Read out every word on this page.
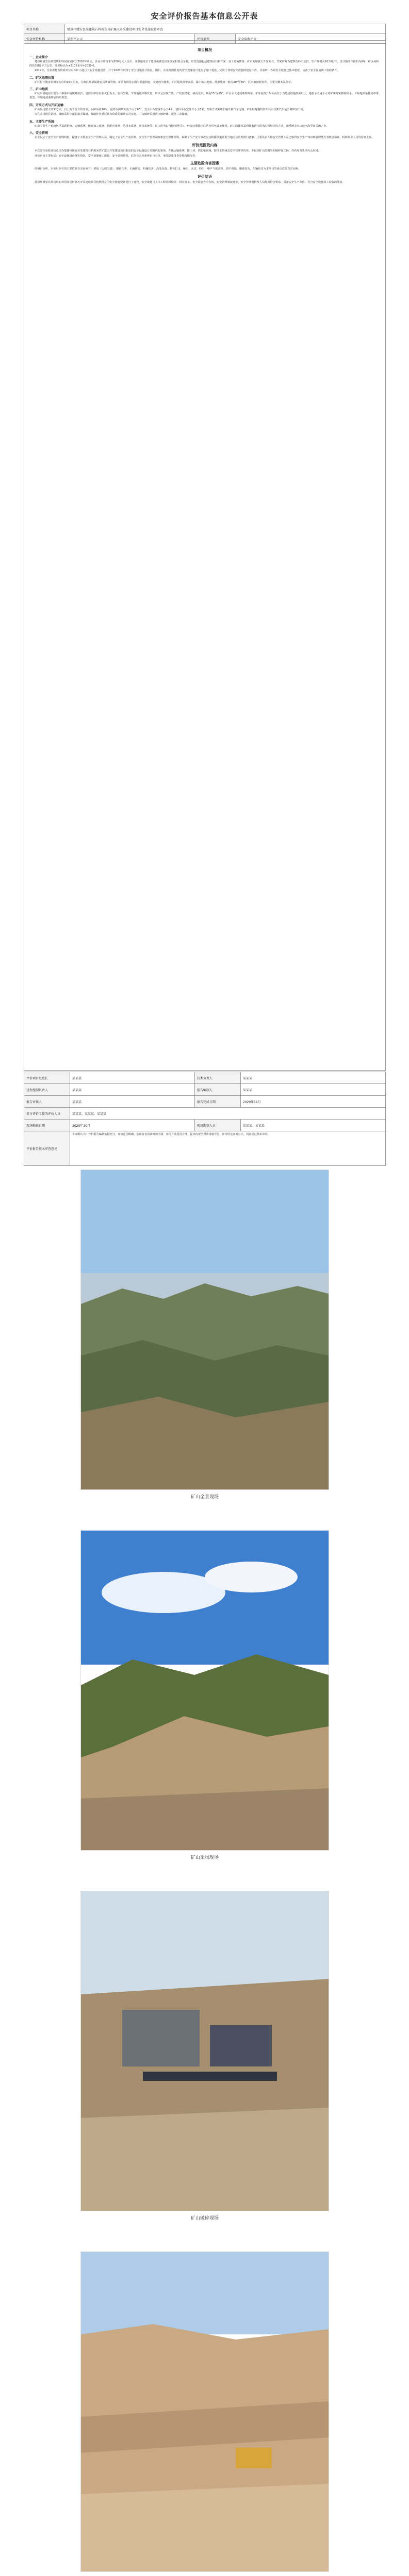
安全评价报告基本信息公开表
项目名称	楚雄州姚安县某建筑石料用灰岩矿露天开采建设项目安全设施设计审查		
安全评价机构	某安评公司	评价类型	安全验收评价
项目概况
一、企业简介

楚雄州姚安县某建筑石料用灰岩矿于2010年成立，企业注册资本为200万元人民币，注册地址位于楚雄州姚安县某镇某村委会某村，经营范围包括建筑用石料开采、加工及销售等。矿山采用露天开采方式，开采矿种为建筑石料用灰岩，生产规模为10万吨/年，设计服务年限约为8年。矿区面积约0.0582平方公里，开采标高为+2105米至+2030米。

2019年，企业委托有资质单位对本矿山进行了安全设施设计，并于2020年取得了安全设施设计批复。随后，企业按照批复的安全设施设计进行了施工建设，完成了各项安全设施的建设工作。目前矿山各项安全设施已基本建成，具备了安全设施竣工验收条件。

二、矿区地理位置

矿区位于姚安县城某方位约15公里处，行政区划隶属姚安县某镇管辖。矿区有简易公路与县道相连，交通较为便利。矿区地处滇中高原，属中低山地貌，地形坡度一般为20°至35°，区内植被较发育，主要为灌木及杂草。

三、矿山地质

矿区出露地层主要为三叠系中统碳酸盐岩，岩性以中厚层状灰岩为主，岩石坚硬，节理裂隙中等发育。矿体呈层状产出，产状较稳定，倾向北东，倾角15°至25°。矿区水文地质条件简单，矿床最低开采标高位于当地侵蚀基准面以上，地表水及地下水对矿床开采影响较小。工程地质条件属中等类型，环境地质条件属简单类型。

四、开采方式与开拓运输

矿山采用露天开采方式，自上而下分台阶开采，台阶高度10米，最终台阶坡面角不大于65°，安全平台宽度不小于4米，清扫平台宽度不小于6米。开拓方式采用公路开拓汽车运输，矿石经挖掘机装车后由自卸汽车运至破碎加工场。

穿孔采用潜孔钻机，爆破采用中深孔微差爆破，爆破作业委托具有资质的爆破公司实施。二次破碎采用液压破碎锤，避免二次爆破。

五、主要生产系统

矿山主要生产系统包括采剥系统、运输系统、破碎加工系统、供配电系统、防排水系统、通讯系统等。矿山供电由当地电网引入，经变压器降压后供各用电设备使用。矿山防排水采用截水沟与排水沟相结合的方式，雨季地表水由截水沟导出采场之外。

六、安全管理

企业设立了安全生产管理机构，配备了专职安全生产管理人员，制定了安全生产责任制、安全生产管理制度和安全操作规程，编制了生产安全事故应急救援预案并报当地应急管理部门备案。主要负责人和安全管理人员已取得安全生产知识和管理能力考核合格证，特种作业人员均持证上岗。

评价范围及内容

本次安全验收评价范围为楚雄州姚安县某建筑石料用灰岩矿露天开采建设项目批复的安全设施设计范围内的采场、开拓运输系统、排土场、供配电系统、防排水系统及安全管理等内容。不包括矿山范围外的破碎加工场、炸药库及生活办公区域。

评价内容主要包括：安全设施设计落实情况、安全设施施工质量、安全管理情况、危险有害因素辨识与分析、事故隐患排查及整改情况等。

主要危险有害因素

经辨识分析，本项目存在的主要危险有害因素有：坍塌（边坡失稳）、爆破伤害、车辆伤害、机械伤害、高处坠落、物体打击、触电、火灾、粉尘、噪声与振动等。其中坍塌、爆破伤害、车辆伤害为本项目的重点危险有害因素。

评价结论

楚雄州姚安县某建筑石料用灰岩矿露天开采建设项目按照批复的安全设施设计进行了建设，安全设施与主体工程同时设计、同时施工，安全设施齐全有效，安全管理制度健全，安全管理机构及人员配备符合要求，具备安全生产条件，符合安全设施竣工验收的要求。

评价项目组组长	某某某	技术负责人	某某某
过程控制负责人	某某某	报告编制人	某某某
报告审核人	某某某	报告完成日期	2020年11月
参与评价工作的评价人员	某某某、某某某、某某某		
现场勘察日期	2020年10月	现场勘察人员	某某某、某某某
评价报告技术审查意见	专家组认为：评价报告编制依据充分，评价范围明确，危险有害因素辨识全面，评价方法选用合理，提出的安全对策措施可行，评价结论客观公正，同意通过技术审查。		
矿山全景现场
矿山采场现场
矿山破碎现场
